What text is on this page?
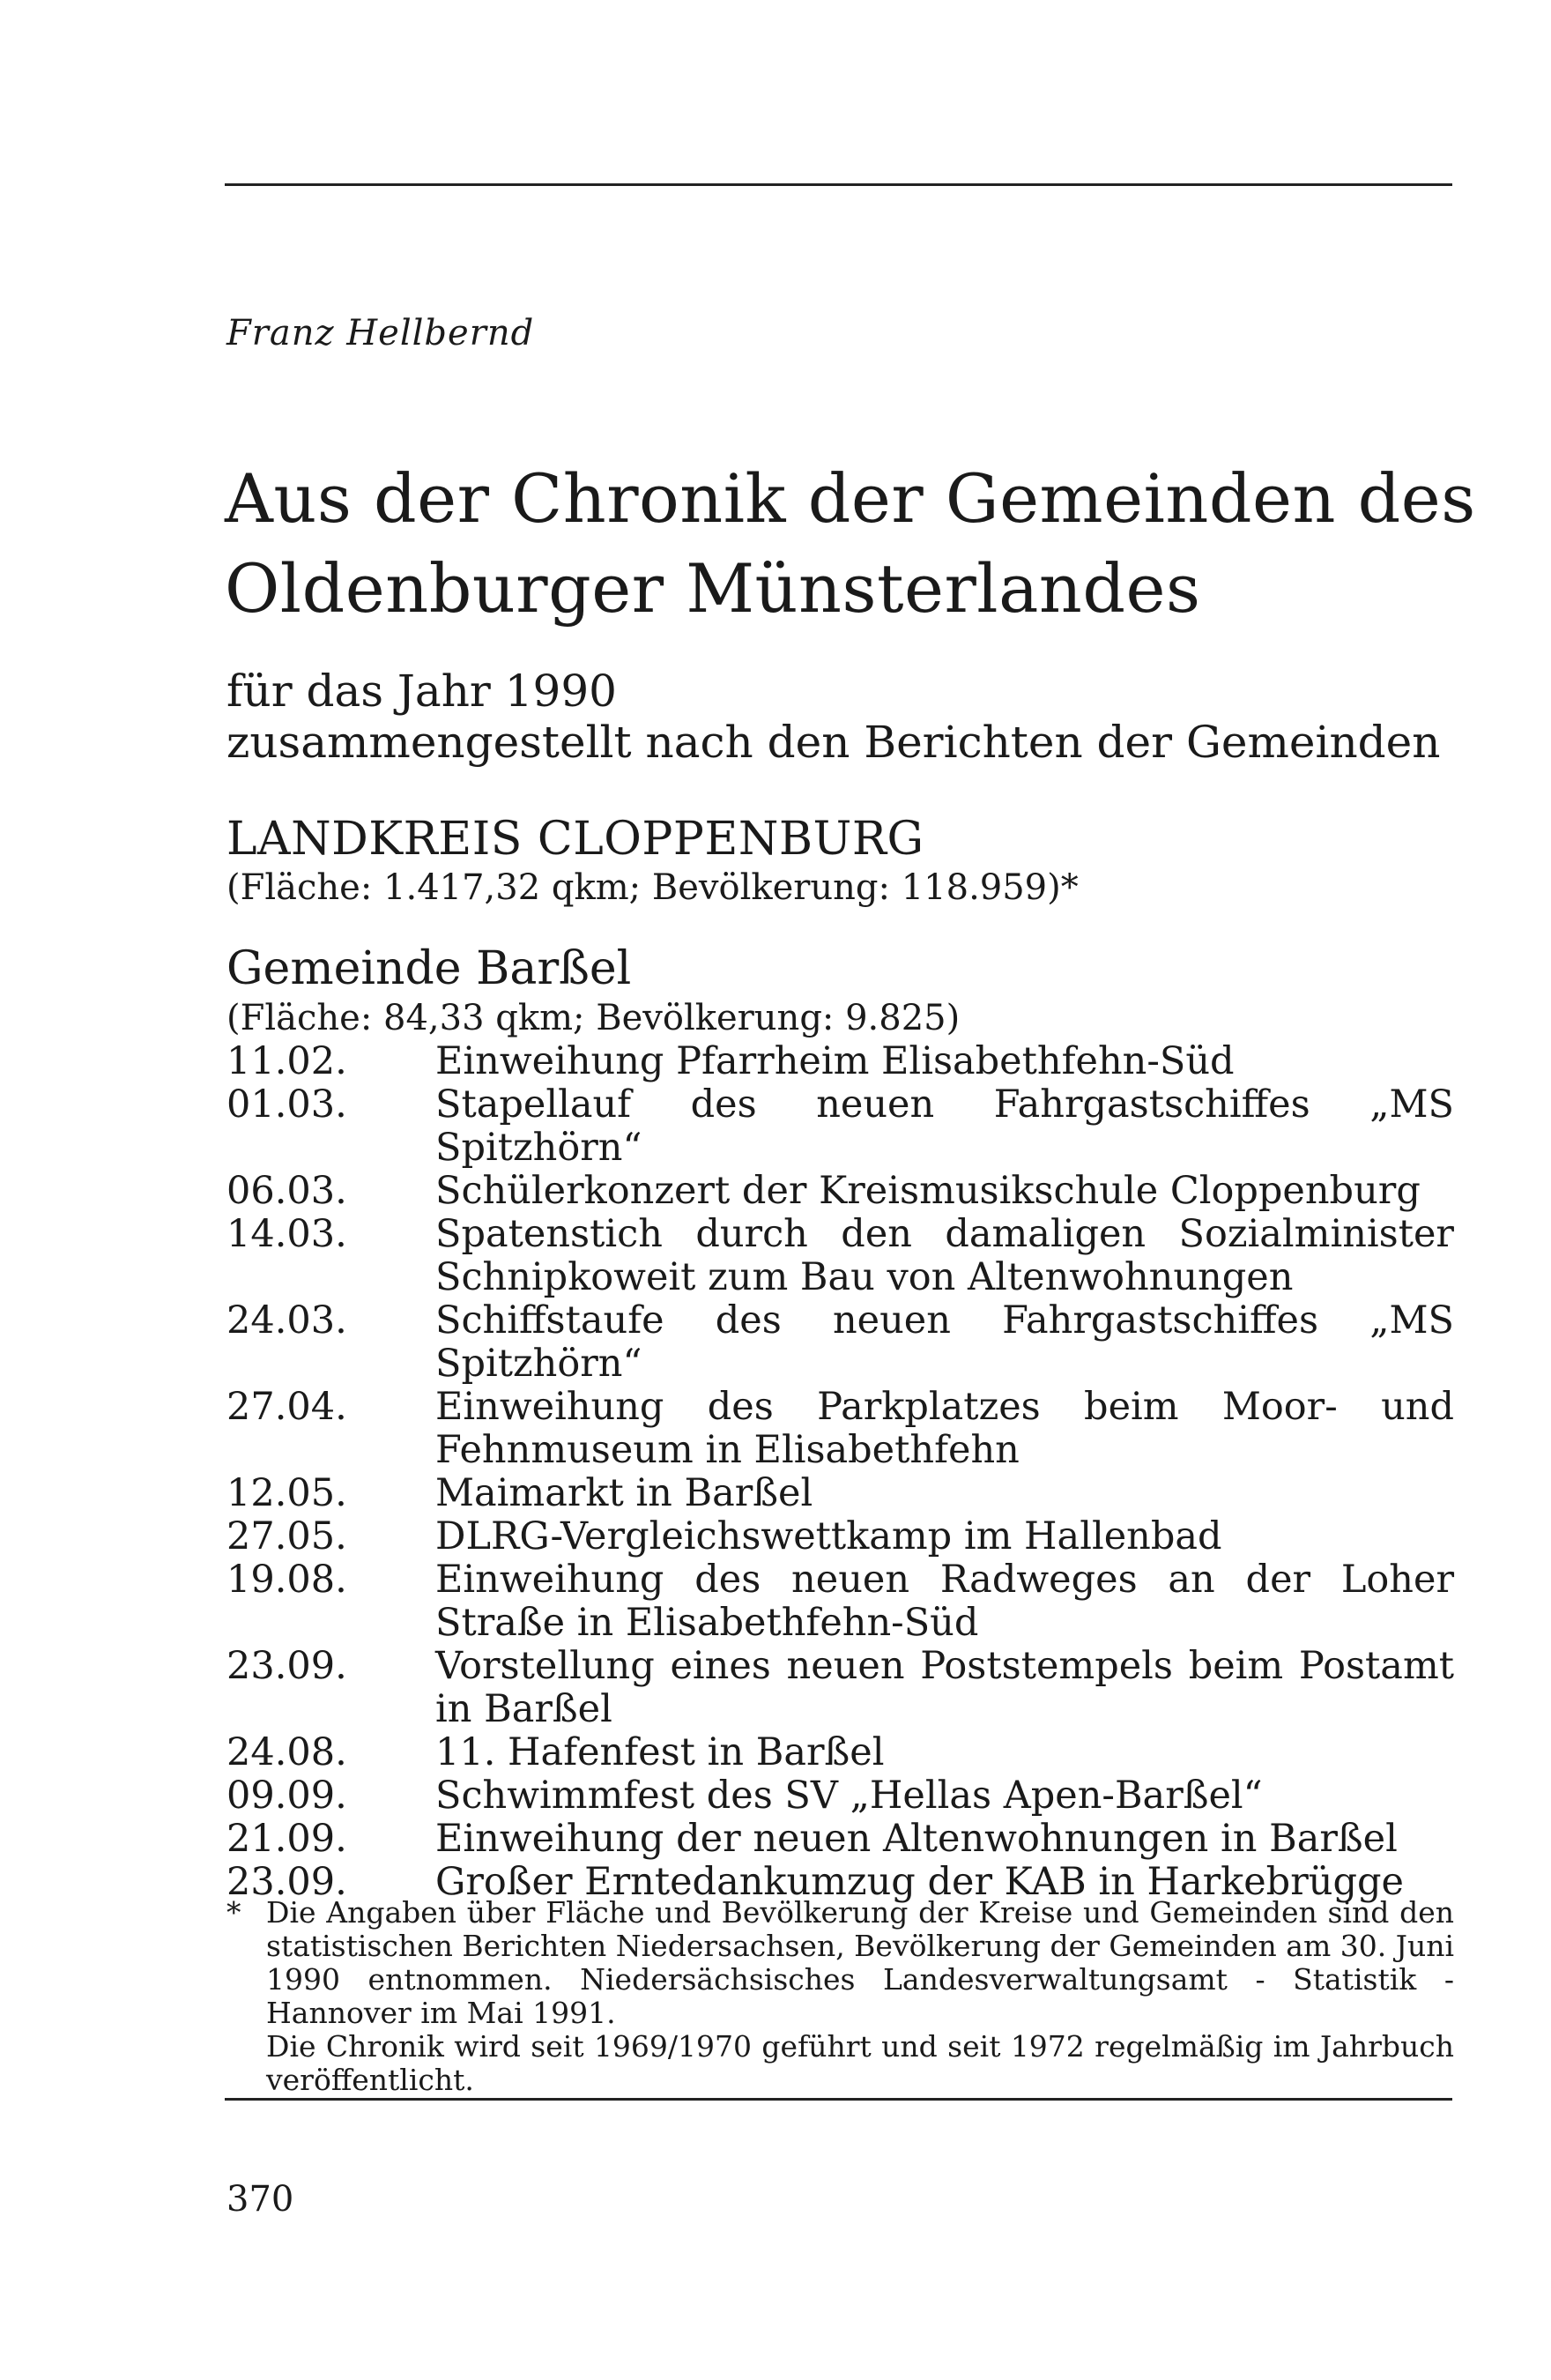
Franz Hellbernd
Aus der Chronik der Gemeinden des
Oldenburger Münsterlandes
für das Jahr 1990
zusammengestellt nach den Berichten der Gemeinden
LANDKREIS CLOPPENBURG
(Fläche: 1.417,32 qkm; Bevölkerung: 118.959)*
Gemeinde Barßel
(Fläche: 84,33 qkm; Bevölkerung: 9.825)
11.02.	Einweihung Pfarrheim Elisabethfehn-Süd
01.03.	Stapellauf des neuen Fahrgastschiffes „MS Spitzhörn“
06.03.	Schülerkonzert der Kreismusikschule Cloppenburg
14.03.	Spatenstich durch den damaligen Sozialminister Schnipkoweit zum Bau von Altenwohnungen
24.03.	Schiffstaufe des neuen Fahrgastschiffes „MS Spitzhörn“
27.04.	Einweihung des Parkplatzes beim Moor- und Fehnmuseum in Elisabethfehn
12.05.	Maimarkt in Barßel
27.05.	DLRG-Vergleichswettkamp im Hallenbad
19.08.	Einweihung des neuen Radweges an der Loher Straße in Elisabethfehn-Süd
23.09.	Vorstellung eines neuen Poststempels beim Postamt in Barßel
24.08.	11. Hafenfest in Barßel
09.09.	Schwimmfest des SV „Hellas Apen-Barßel“
21.09.	Einweihung der neuen Altenwohnungen in Barßel
23.09.	Großer Erntedankumzug der KAB in Harkebrügge
* Die Angaben über Fläche und Bevölkerung der Kreise und Gemeinden sind den statistischen Berichten Niedersachsen, Bevölkerung der Gemeinden am 30. Juni 1990 entnommen. Niedersächsisches Landesverwaltungsamt - Statistik - Hannover im Mai 1991.

Die Chronik wird seit 1969/1970 geführt und seit 1972 regelmäßig im Jahrbuch veröffentlicht.

370
